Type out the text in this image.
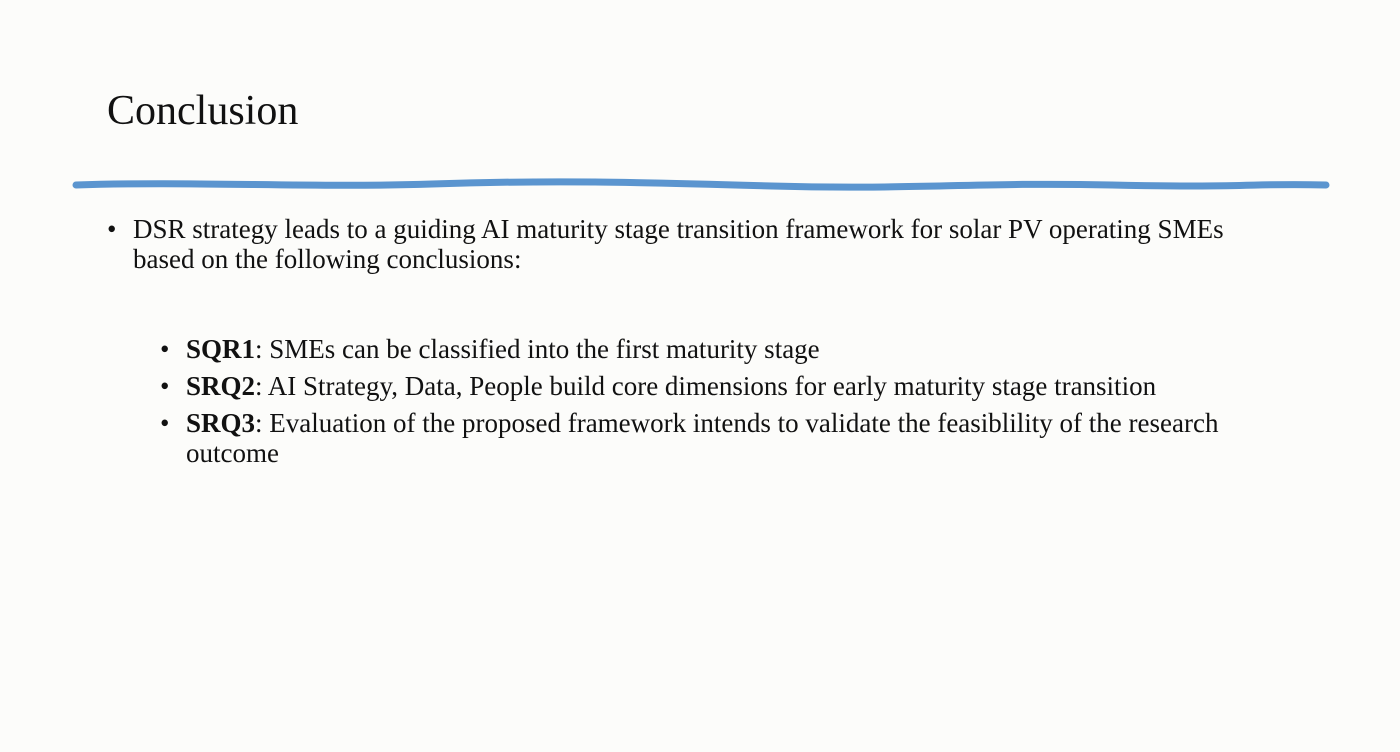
Conclusion
• DSR strategy leads to a guiding AI maturity stage transition framework for solar PV operating SMEs based on the following conclusions:
• SQR1: SMEs can be classified into the first maturity stage
• SRQ2: AI Strategy, Data, People build core dimensions for early maturity stage transition
• SRQ3: Evaluation of the proposed framework intends to validate the feasiblility of the research outcome
